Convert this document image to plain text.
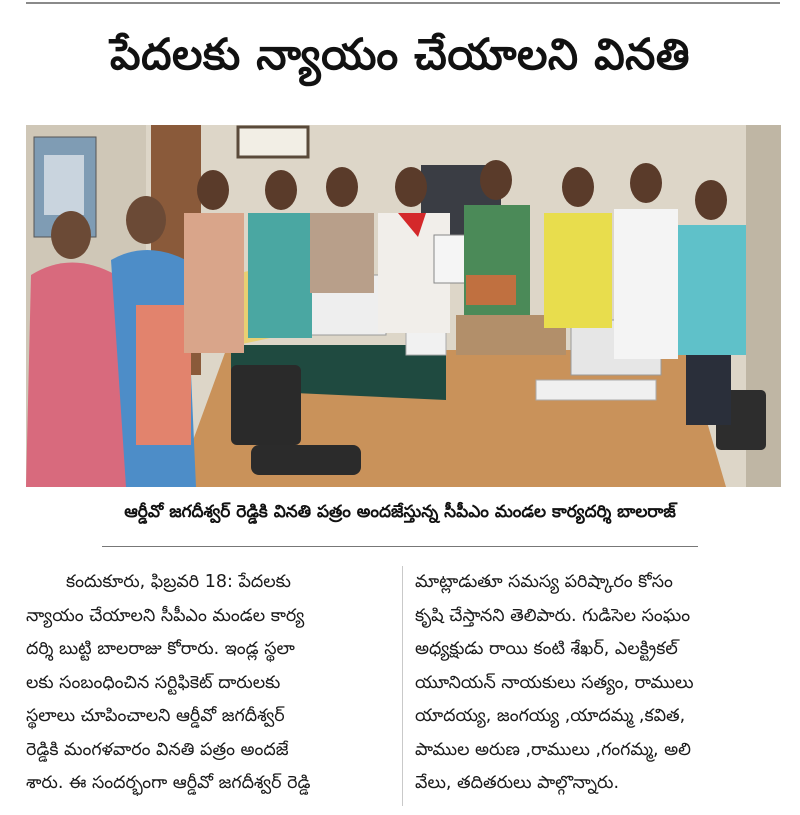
పేదలకు న్యాయం చేయాలని వినతి
ఆర్డీవో జగదీశ్వర్ రెడ్డికి వినతి పత్రం అందజేస్తున్న సీపీఎం మండల కార్యదర్శి బాలరాజ్
కందుకూరు, ఫిబ్రవరి 18: పేదలకు
న్యాయం చేయాలని సీపీఎం మండల కార్య
దర్శి బుట్టి బాలరాజు కోరారు. ఇండ్ల స్థలా
లకు సంబంధించిన సర్టిఫికెట్ దారులకు
స్థలాలు చూపించాలని ఆర్డీవో జగదీశ్వర్
రెడ్డికి మంగళవారం వినతి పత్రం అందజే
శారు. ఈ సందర్భంగా ఆర్డీవో జగదీశ్వర్ రెడ్డి
మాట్లాడుతూ సమస్య పరిష్కారం కోసం
కృషి చేస్తానని తెలిపారు. గుడిసెల సంఘం
అధ్యక్షుడు రాయి కంటి శేఖర్, ఎలక్ట్రికల్
యూనియన్ నాయకులు సత్యం, రాములు
యాదయ్య, జంగయ్య ,యాదమ్మ ,కవిత,
పాముల అరుణ ,రాములు ,గంగమ్మ, అలి
వేలు, తదితరులు పాల్గొన్నారు.
